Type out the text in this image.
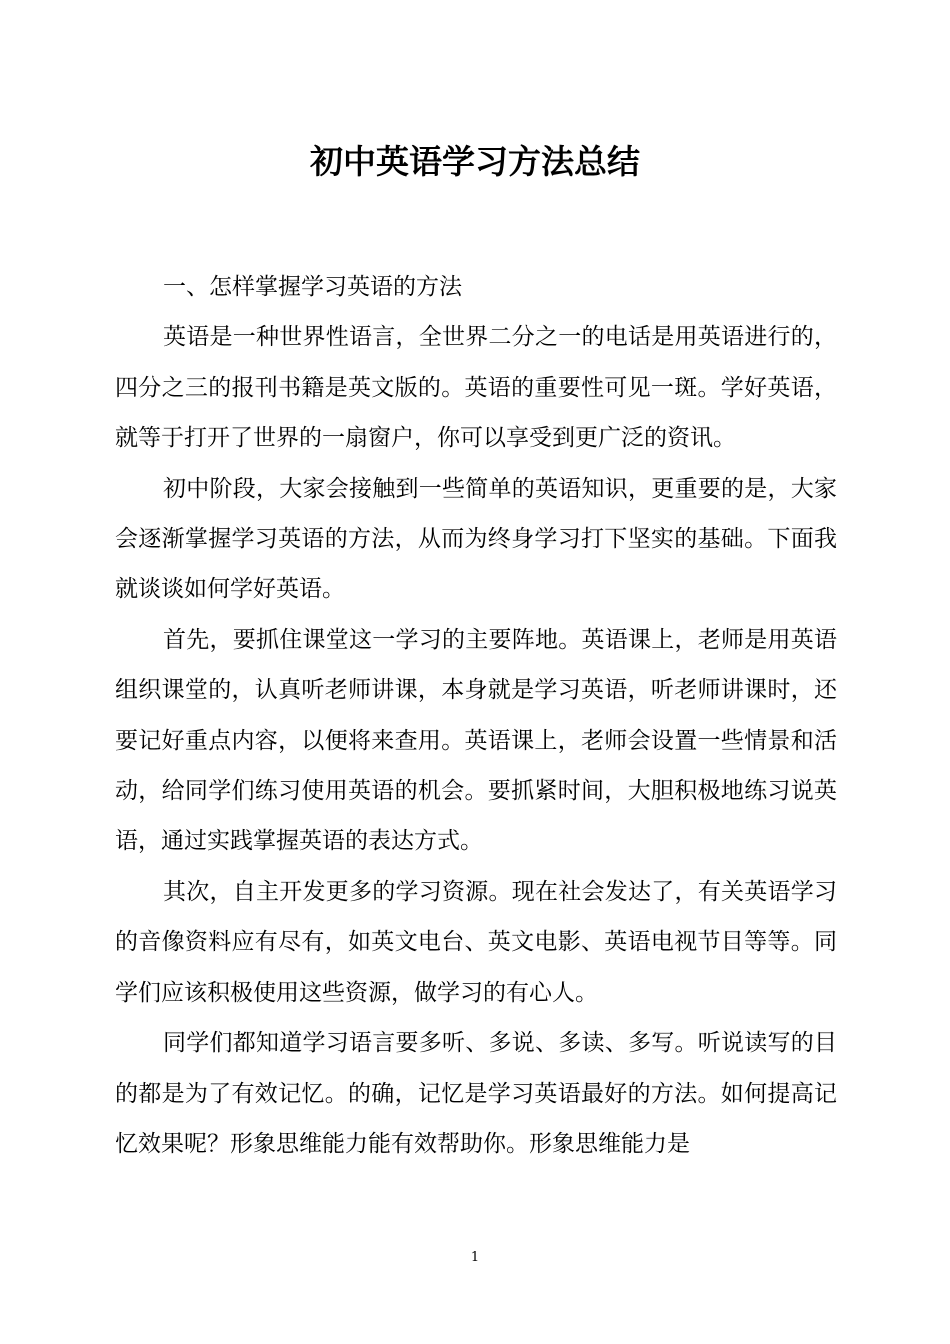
初中英语学习方法总结

一、怎样掌握学习英语的方法

英语是一种世界性语言，全世界二分之一的电话是用英语进行的，四分之三的报刊书籍是英文版的。英语的重要性可见一斑。学好英语，就等于打开了世界的一扇窗户，你可以享受到更广泛的资讯。

初中阶段，大家会接触到一些简单的英语知识，更重要的是，大家会逐渐掌握学习英语的方法，从而为终身学习打下坚实的基础。下面我就谈谈如何学好英语。

首先，要抓住课堂这一学习的主要阵地。英语课上，老师是用英语组织课堂的，认真听老师讲课，本身就是学习英语，听老师讲课时，还要记好重点内容，以便将来查用。英语课上，老师会设置一些情景和活动，给同学们练习使用英语的机会。要抓紧时间，大胆积极地练习说英语，通过实践掌握英语的表达方式。

其次，自主开发更多的学习资源。现在社会发达了，有关英语学习的音像资料应有尽有，如英文电台、英文电影、英语电视节目等等。同学们应该积极使用这些资源，做学习的有心人。

同学们都知道学习语言要多听、多说、多读、多写。听说读写的目的都是为了有效记忆。的确，记忆是学习英语最好的方法。如何提高记忆效果呢？形象思维能力能有效帮助你。形象思维能力是

1
